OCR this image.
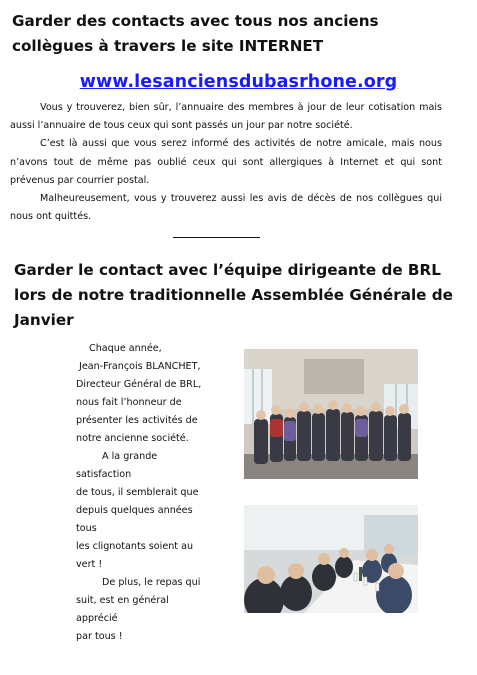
Garder des contacts avec tous nos anciens collègues à travers le site INTERNET
www.lesanciensdubasrhone.org

Vous y trouverez, bien sûr, l’annuaire des membres à jour de leur cotisation mais aussi l’annuaire de tous ceux qui sont passés un jour par notre société.

C’est là aussi que vous serez informé des activités de notre amicale, mais nous n’avons tout de même pas oublié ceux qui sont allergiques à Internet et qui sont prévenus par courrier postal.

Malheureusement, vous y trouverez aussi les avis de décès de nos collègues qui nous ont quittés.

Garder le contact avec l’équipe dirigeante de BRL lors de notre traditionnelle Assemblée Générale de Janvier

Chaque année,

Jean-François BLANCHET,

Directeur Général de BRL,

nous fait l’honneur de

présenter les activités de

notre ancienne société.

A la grande satisfaction

de tous, il semblerait que

depuis quelques années tous

les clignotants soient au

vert !

De plus, le repas qui

suit, est en général apprécié

par tous !
